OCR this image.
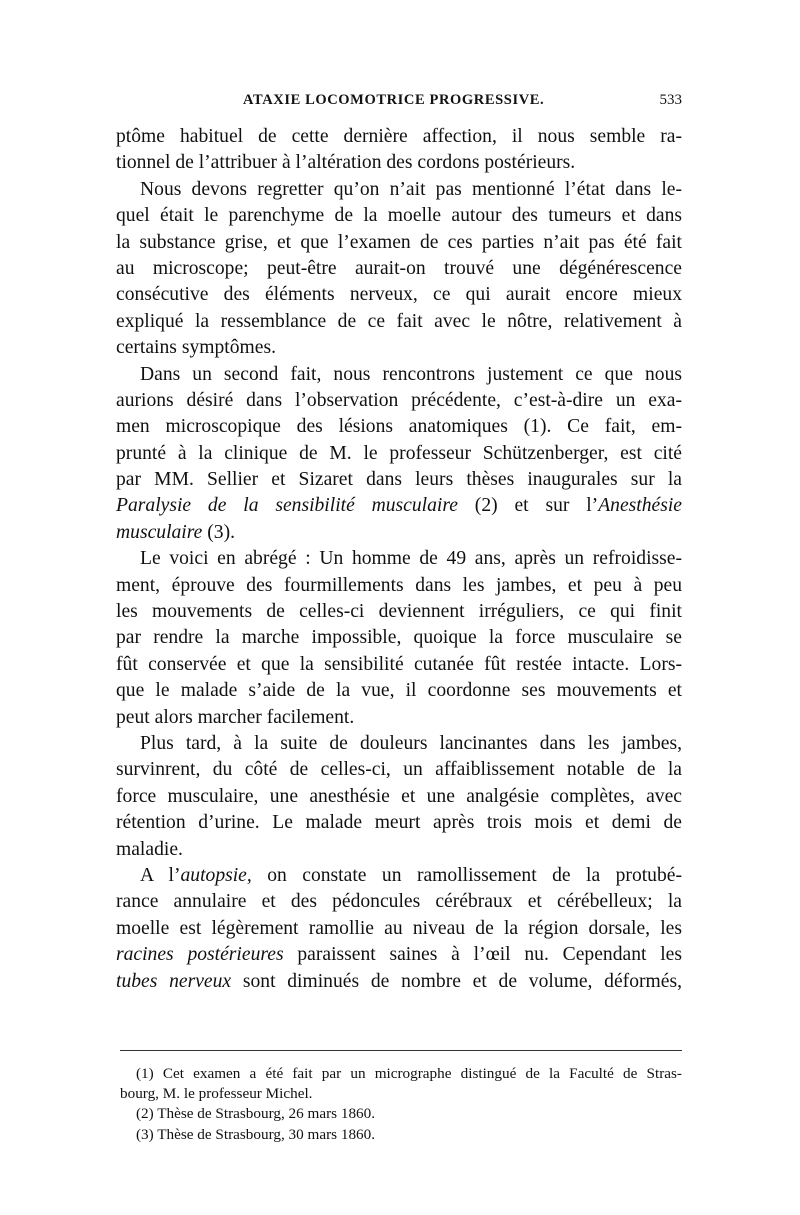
ATAXIE LOCOMOTRICE PROGRESSIVE.	533
ptôme habituel de cette dernière affection, il nous semble ra-
tionnel de l’attribuer à l’altération des cordons postérieurs.
Nous devons regretter qu’on n’ait pas mentionné l’état dans le-
quel était le parenchyme de la moelle autour des tumeurs et dans
la substance grise, et que l’examen de ces parties n’ait pas été fait
au microscope; peut-être aurait-on trouvé une dégénérescence
consécutive des éléments nerveux, ce qui aurait encore mieux
expliqué la ressemblance de ce fait avec le nôtre, relativement à
certains symptômes.
Dans un second fait, nous rencontrons justement ce que nous
aurions désiré dans l’observation précédente, c’est-à-dire un exa-
men microscopique des lésions anatomiques (1). Ce fait, em-
prunté à la clinique de M. le professeur Schützenberger, est cité
par MM. Sellier et Sizaret dans leurs thèses inaugurales sur la
Paralysie de la sensibilité musculaire (2) et sur l’Anesthésie
musculaire (3).
Le voici en abrégé : Un homme de 49 ans, après un refroidisse-
ment, éprouve des fourmillements dans les jambes, et peu à peu
les mouvements de celles-ci deviennent irréguliers, ce qui finit
par rendre la marche impossible, quoique la force musculaire se
fût conservée et que la sensibilité cutanée fût restée intacte. Lors-
que le malade s’aide de la vue, il coordonne ses mouvements et
peut alors marcher facilement.
Plus tard, à la suite de douleurs lancinantes dans les jambes,
survinrent, du côté de celles-ci, un affaiblissement notable de la
force musculaire, une anesthésie et une analgésie complètes, avec
rétention d’urine. Le malade meurt après trois mois et demi de
maladie.
A l’autopsie, on constate un ramollissement de la protubé-
rance annulaire et des pédoncules cérébraux et cérébelleux; la
moelle est légèrement ramollie au niveau de la région dorsale, les
racines postérieures paraissent saines à l’œil nu. Cependant les
tubes nerveux sont diminués de nombre et de volume, déformés,
(1) Cet examen a été fait par un micrographe distingué de la Faculté de Stras-
bourg, M. le professeur Michel.
(2) Thèse de Strasbourg, 26 mars 1860.
(3) Thèse de Strasbourg, 30 mars 1860.
